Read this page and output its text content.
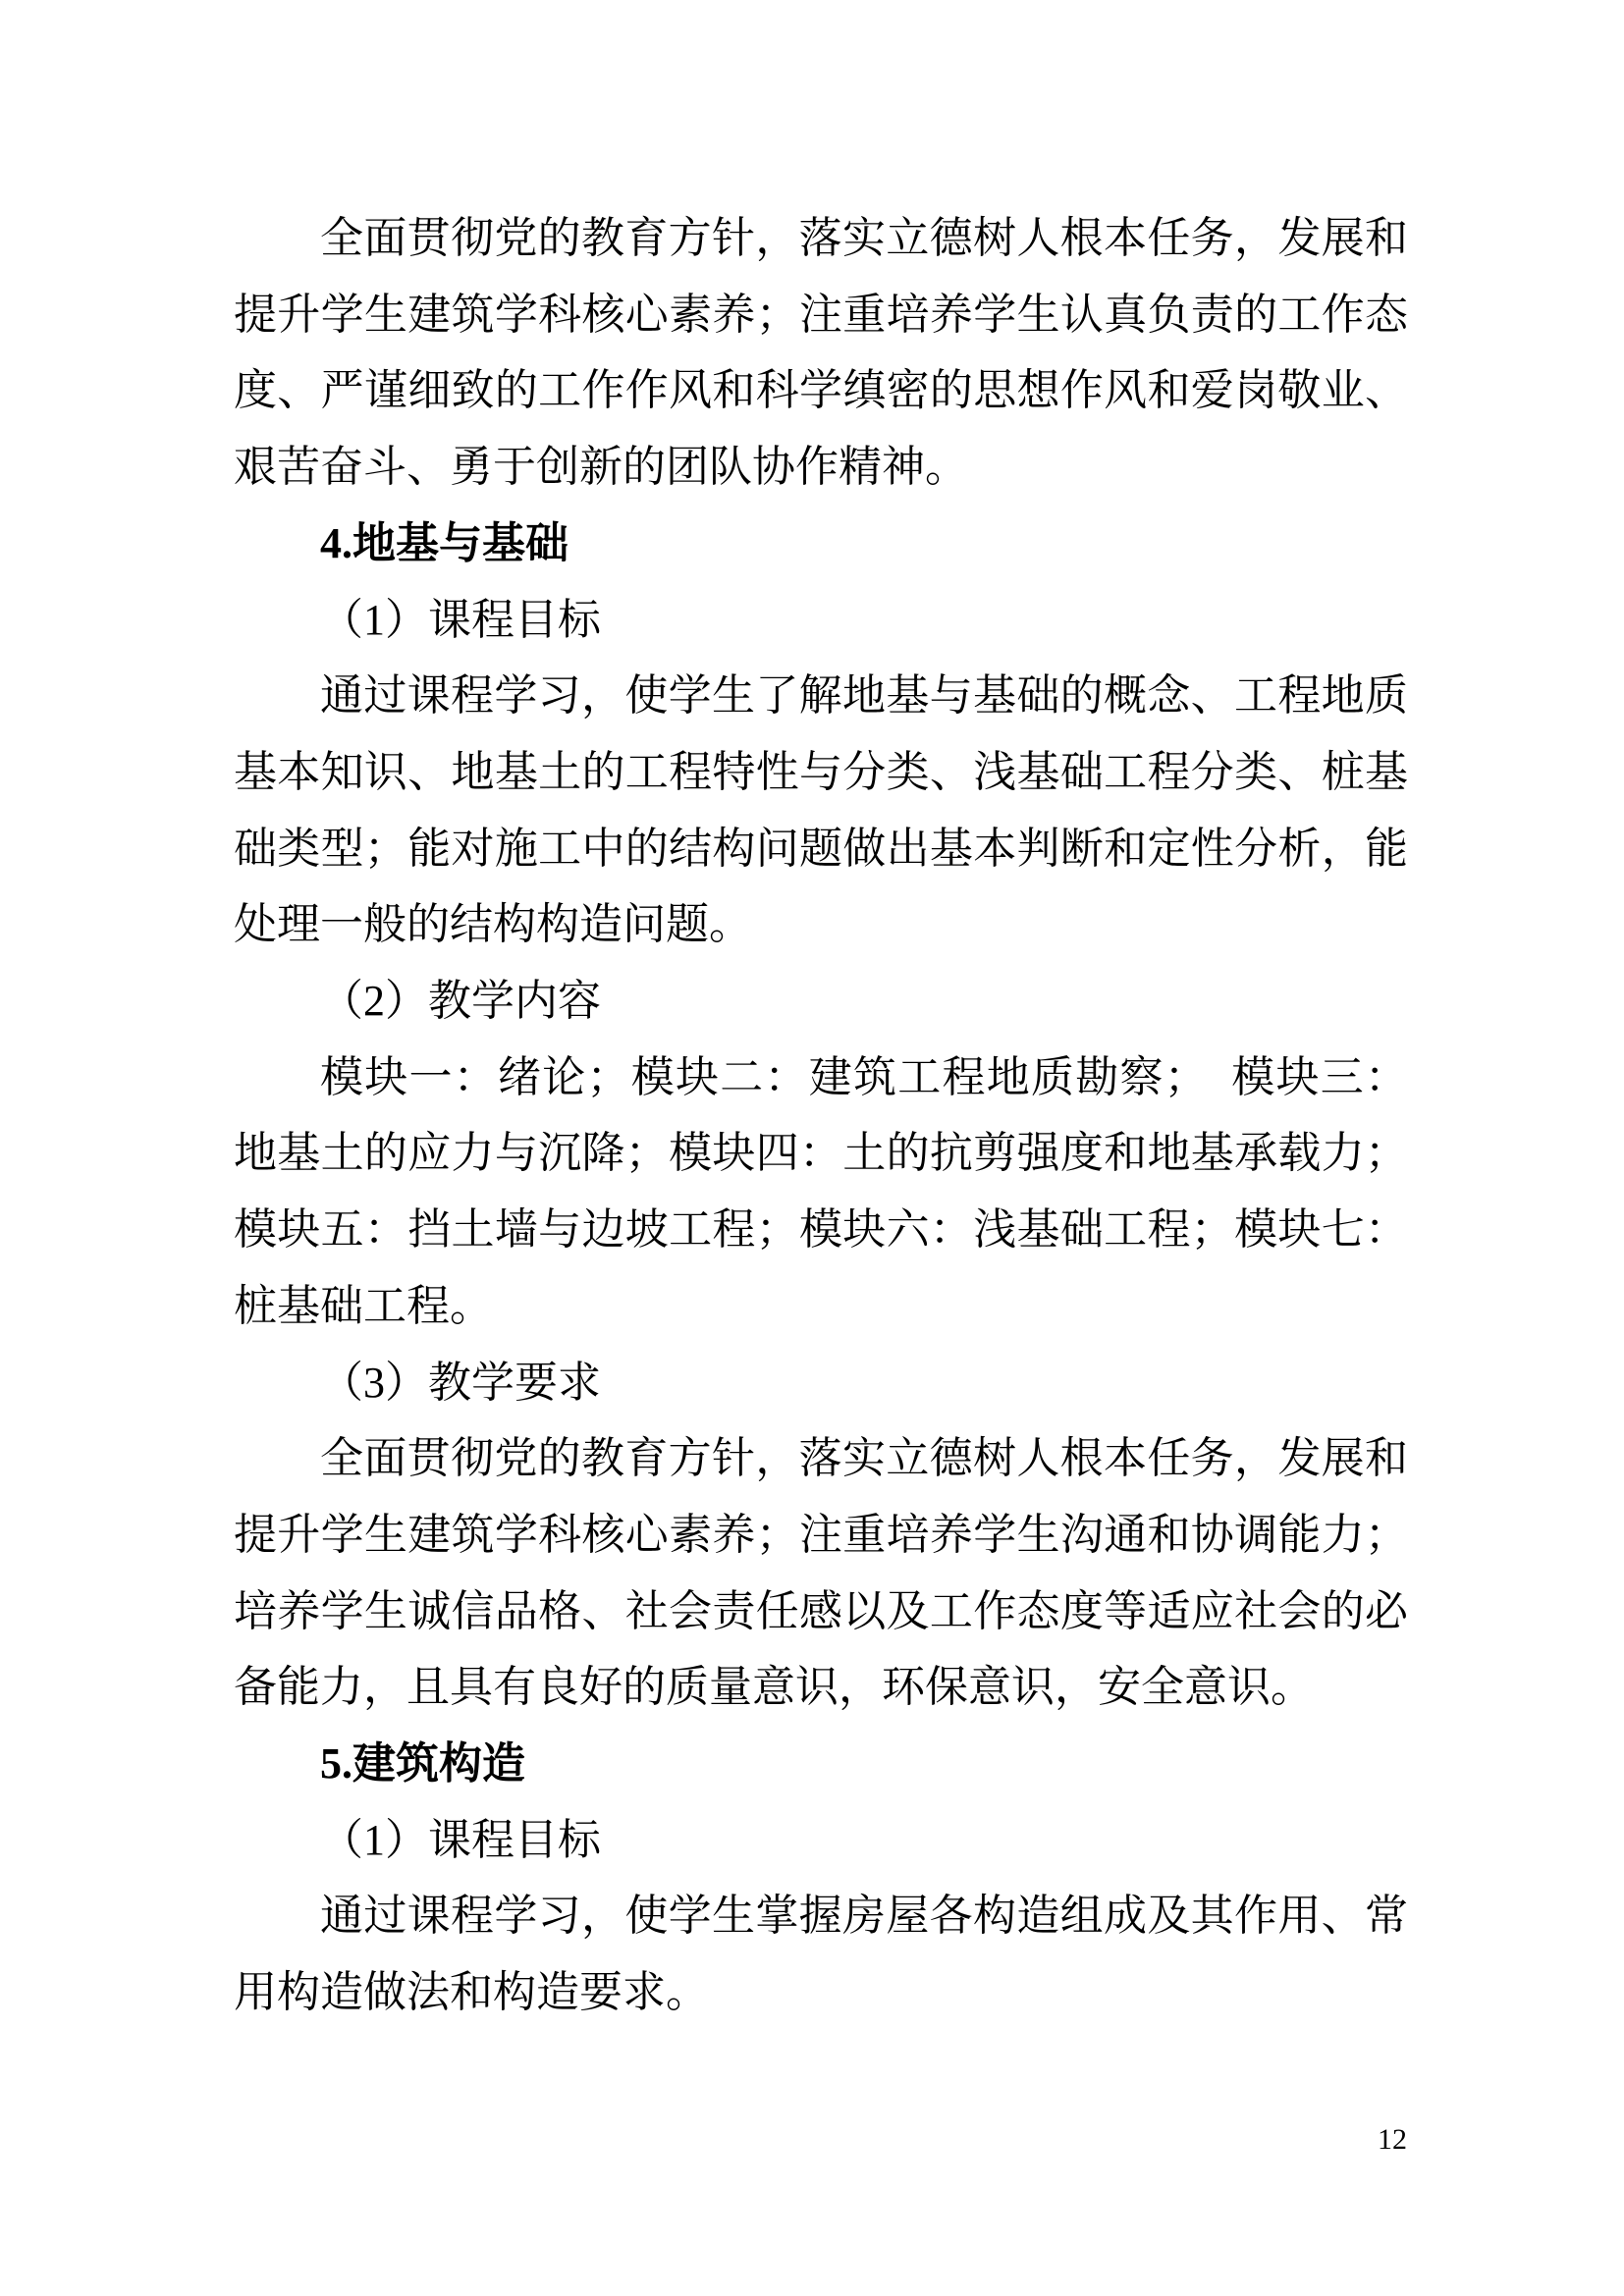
全面贯彻党的教育方针，落实立德树人根本任务，发展和提升学生建筑学科核心素养；注重培养学生认真负责的工作态度、严谨细致的工作作风和科学缜密的思想作风和爱岗敬业、艰苦奋斗、勇于创新的团队协作精神。

4.地基与基础

（1）课程目标

通过课程学习，使学生了解地基与基础的概念、工程地质基本知识、地基土的工程特性与分类、浅基础工程分类、桩基础类型；能对施工中的结构问题做出基本判断和定性分析，能处理一般的结构构造问题。

（2）教学内容

模块一：绪论；模块二：建筑工程地质勘察；　模块三：地基土的应力与沉降；模块四：土的抗剪强度和地基承载力；模块五：挡土墙与边坡工程；模块六：浅基础工程；模块七：桩基础工程。

（3）教学要求

全面贯彻党的教育方针，落实立德树人根本任务，发展和提升学生建筑学科核心素养；注重培养学生沟通和协调能力；培养学生诚信品格、社会责任感以及工作态度等适应社会的必备能力，且具有良好的质量意识，环保意识，安全意识。

5.建筑构造

（1）课程目标

通过课程学习，使学生掌握房屋各构造组成及其作用、常用构造做法和构造要求。

12
